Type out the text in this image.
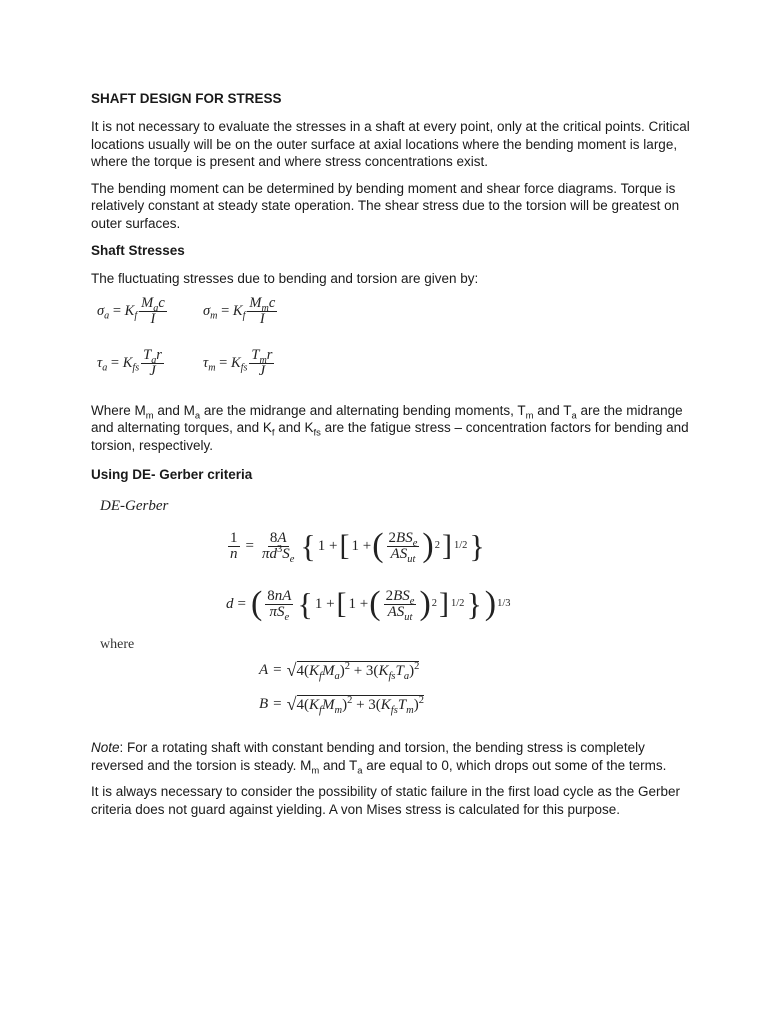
SHAFT DESIGN FOR STRESS

It is not necessary to evaluate the stresses in a shaft at every point, only at the critical points. Critical locations usually will be on the outer surface at axial locations where the bending moment is large, where the torque is present and where stress concentrations exist.

The bending moment can be determined by bending moment and shear force diagrams. Torque is relatively constant at steady state operation. The shear stress due to the torsion will be greatest on outer surfaces.

Shaft Stresses

The fluctuating stresses due to bending and torsion are given by:

$\sigma_a = K_f \frac{M_ac}{I}$	$\sigma_m = K_f \frac{M_mc}{I}$
$\tau_a = K_{fs} \frac{T_ar}{J}$	$\tau_m = K_{fs} \frac{T_mr}{J}$

Where $M_m$ and $M_a$ are the midrange and alternating bending moments, $T_m$ and $T_a$ are the midrange and alternating torques, and $K_f$ and $K_{fs}$ are the fatigue stress – concentration factors for bending and torsion, respectively.

Using DE- Gerber criteria
DE-Gerber
$\frac{1}{n} = \frac{8A}{\pi d^3S_e}$ { 1 + [ 1 + ( $\frac{2BS_e}{AS_{ut}}$ ) 2 ] 1/2 }
d = ( $\frac{8nA}{\pi S_e}$ { 1 + [ 1 + ( $\frac{2BS_e}{AS_{ut}}$ ) 2 ] 1/2 } ) 1/3
where
A = √ $4(K_fM_a)^2 + 3(K_{fs}T_a)^2$
B = √ $4(K_fM_m)^2 + 3(K_{fs}T_m)^2$

Note: For a rotating shaft with constant bending and torsion, the bending stress is completely reversed and the torsion is steady. $M_m$ and $T_a$ are equal to 0, which drops out some of the terms.

It is always necessary to consider the possibility of static failure in the first load cycle as the Gerber criteria does not guard against yielding. A von Mises stress is calculated for this purpose.
